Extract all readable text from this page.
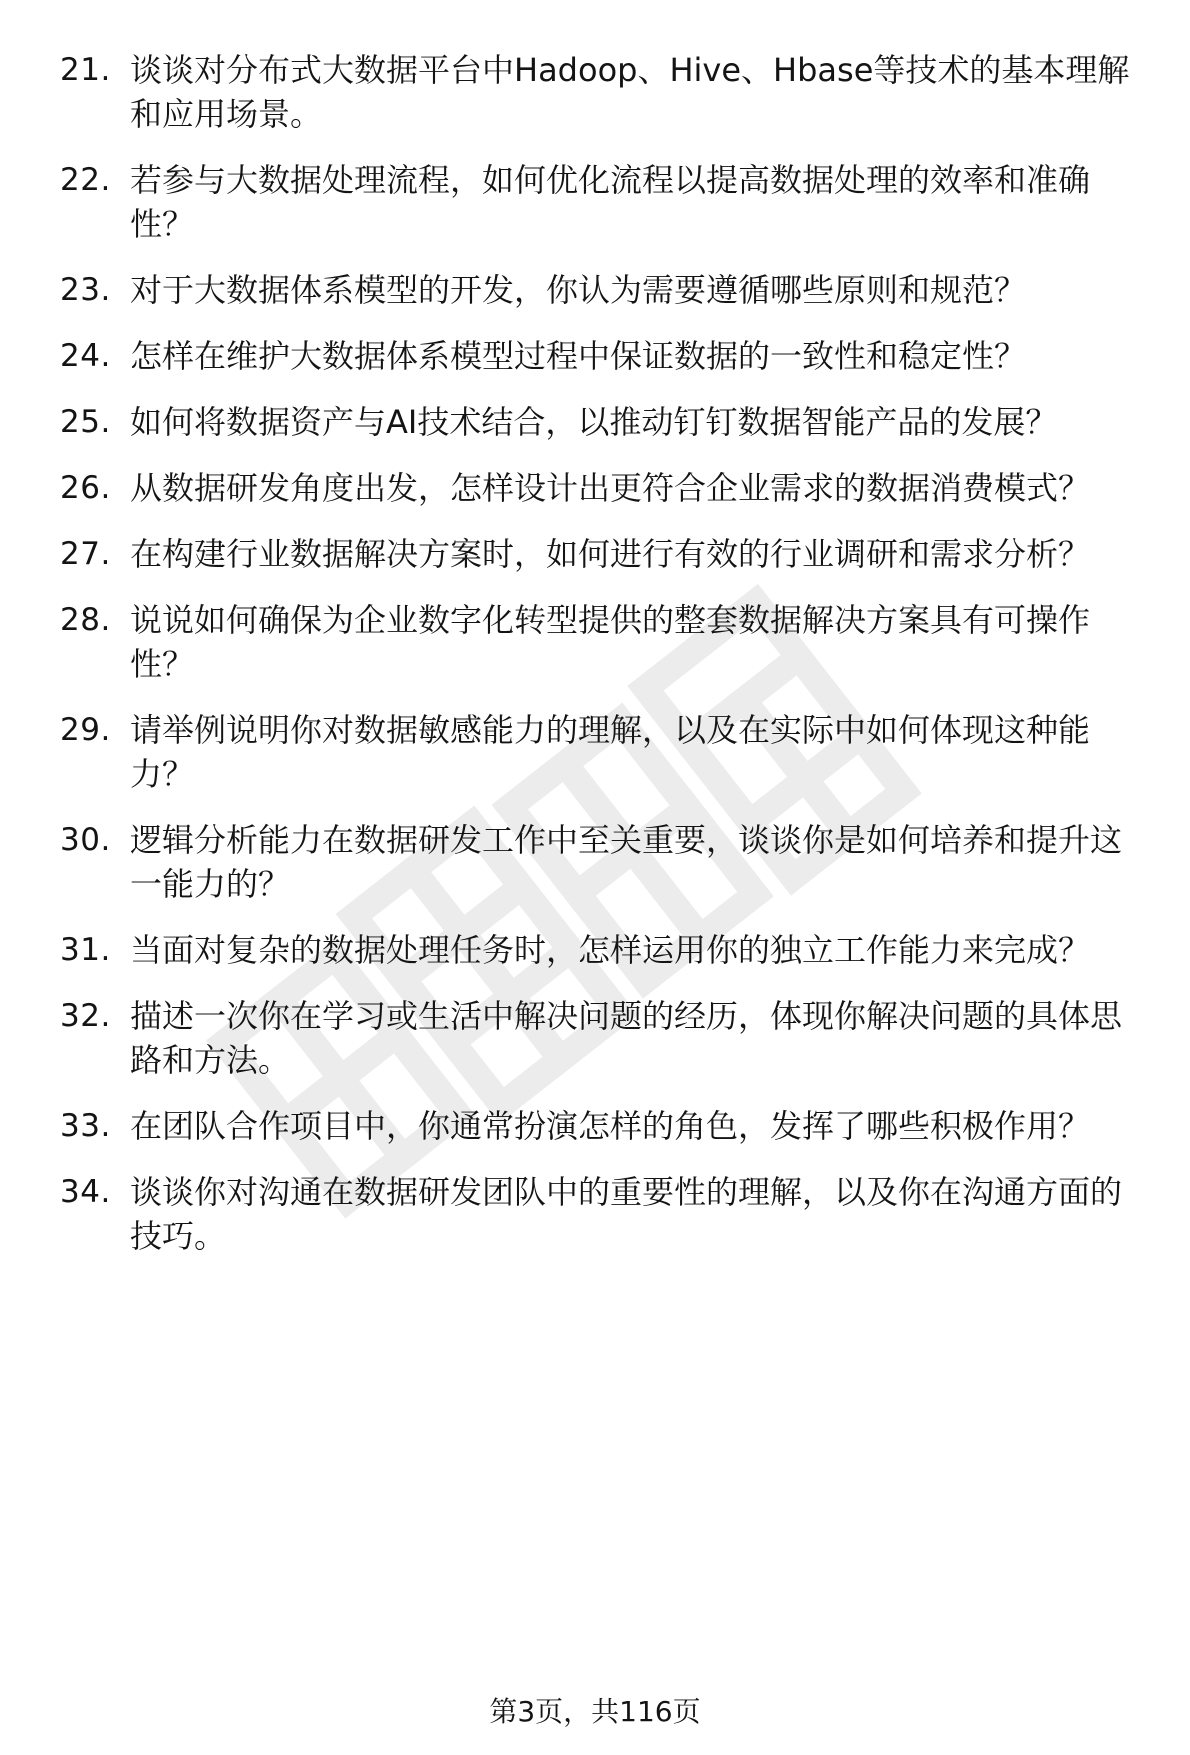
21. 谈谈对分布式大数据平台中Hadoop、Hive、Hbase等技术的基本理解和应用场景。
22. 若参与大数据处理流程，如何优化流程以提高数据处理的效率和准确性？
23. 对于大数据体系模型的开发，你认为需要遵循哪些原则和规范？
24. 怎样在维护大数据体系模型过程中保证数据的一致性和稳定性？
25. 如何将数据资产与AI技术结合，以推动钉钉数据智能产品的发展？
26. 从数据研发角度出发，怎样设计出更符合企业需求的数据消费模式？
27. 在构建行业数据解决方案时，如何进行有效的行业调研和需求分析？
28. 说说如何确保为企业数字化转型提供的整套数据解决方案具有可操作性？
29. 请举例说明你对数据敏感能力的理解，以及在实际中如何体现这种能力？
30. 逻辑分析能力在数据研发工作中至关重要，谈谈你是如何培养和提升这一能力的？
31. 当面对复杂的数据处理任务时，怎样运用你的独立工作能力来完成？
32. 描述一次你在学习或生活中解决问题的经历，体现你解决问题的具体思路和方法。
33. 在团队合作项目中，你通常扮演怎样的角色，发挥了哪些积极作用？
34. 谈谈你对沟通在数据研发团队中的重要性的理解，以及你在沟通方面的技巧。
第3页，共116页
